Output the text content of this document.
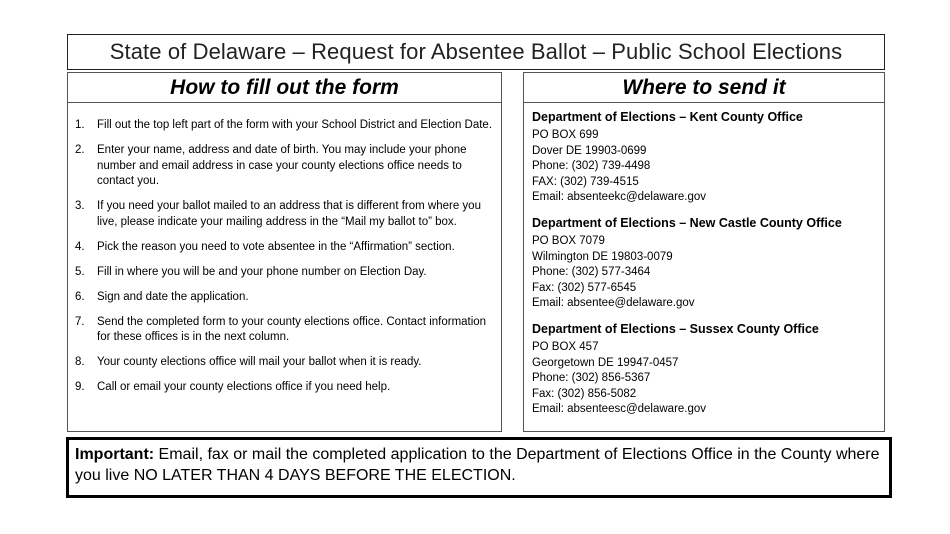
State of Delaware – Request for Absentee Ballot – Public School Elections
How to fill out the form
1.	Fill out the top left part of the form with your School District and Election Date.
2.	Enter your name, address and date of birth. You may include your phone number and email address in case your county elections office needs to contact you.
3.	If you need your ballot mailed to an address that is different from where you live, please indicate your mailing address in the “Mail my ballot to” box.
4.	Pick the reason you need to vote absentee in the “Affirmation” section.
5.	Fill in where you will be and your phone number on Election Day.
6.	Sign and date the application.
7.	Send the completed form to your county elections office. Contact information for these offices is in the next column.
8.	Your county elections office will mail your ballot when it is ready.
9.	Call or email your county elections office if you need help.
Where to send it
Department of Elections – Kent County Office
PO BOX 699
Dover DE 19903-0699
Phone: (302) 739-4498
FAX: (302) 739-4515
Email: absenteekc@delaware.gov
Department of Elections – New Castle County Office
PO BOX 7079
Wilmington DE 19803-0079
Phone: (302) 577-3464
Fax: (302) 577-6545
Email: absentee@delaware.gov
Department of Elections – Sussex County Office
PO BOX 457
Georgetown DE 19947-0457
Phone: (302) 856-5367
Fax: (302) 856-5082
Email: absenteesc@delaware.gov
Important: Email, fax or mail the completed application to the Department of Elections Office in the County where you live NO LATER THAN 4 DAYS BEFORE THE ELECTION.
